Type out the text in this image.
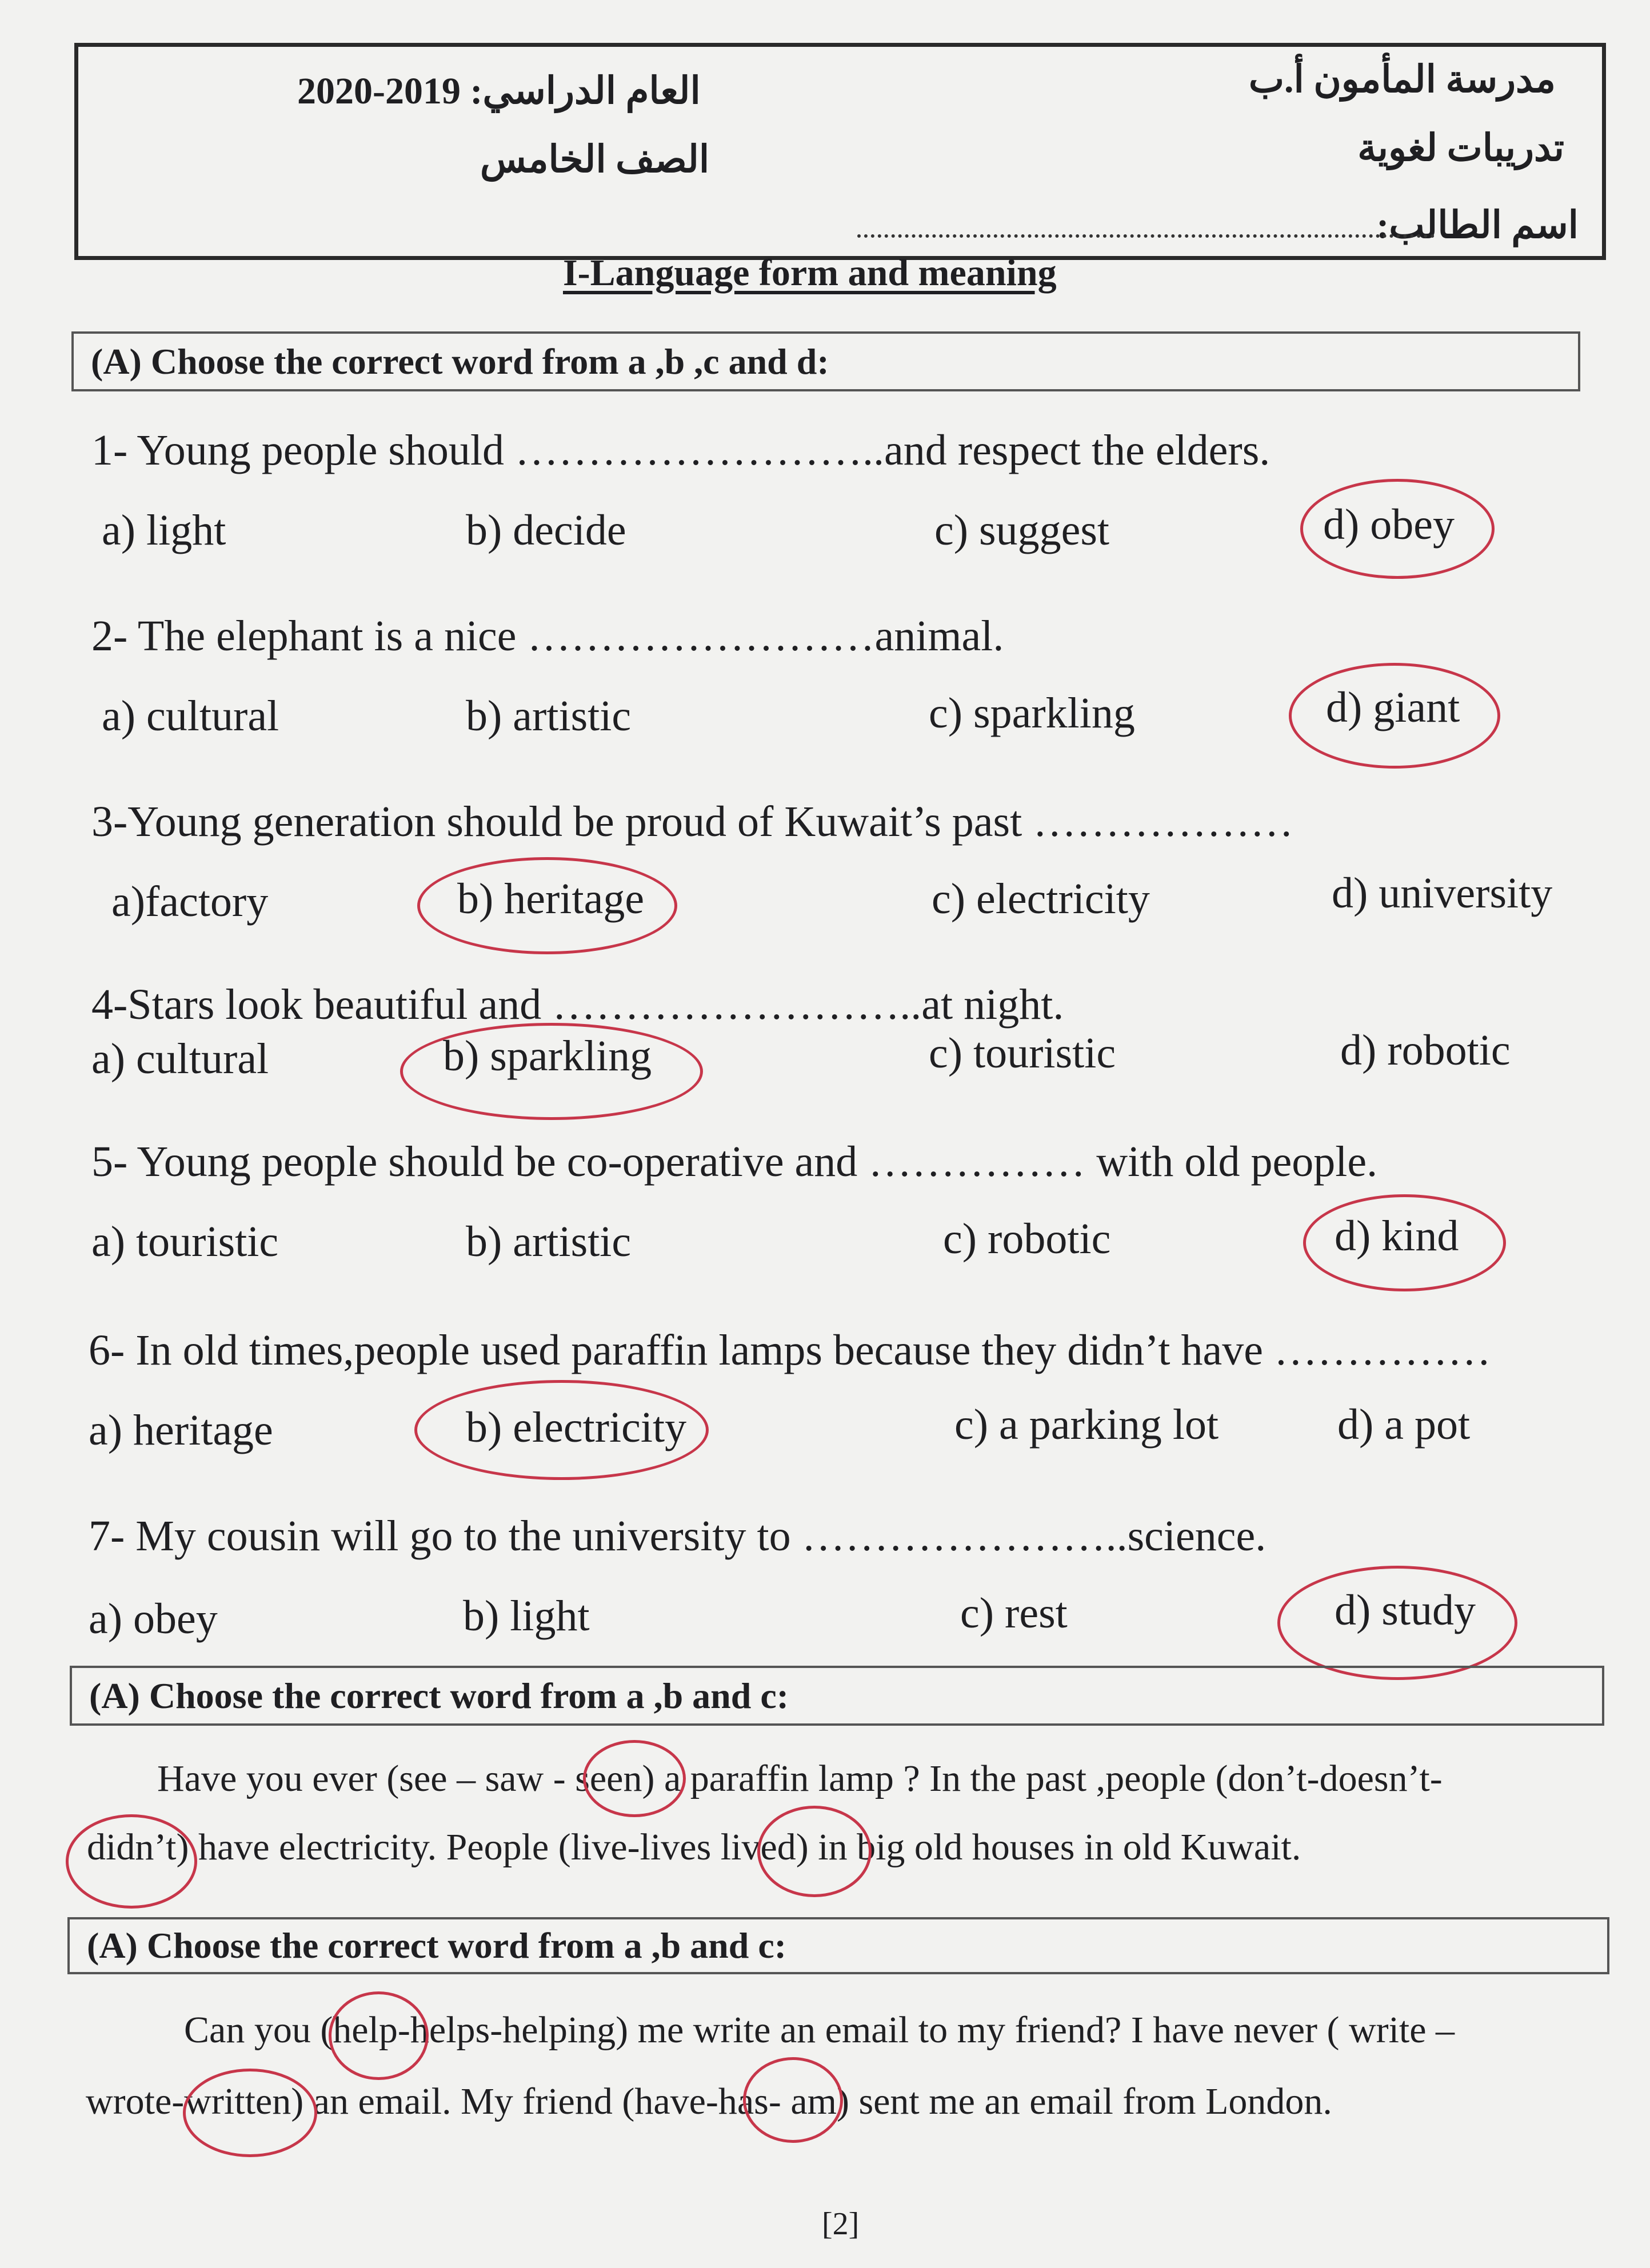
مدرسة المأمون أ.ب
تدريبات لغوية
اسم الطالب:
العام الدراسي: 2019-2020
الصف الخامس
I-Language form and meaning
(A) Choose the correct word from a ,b ,c and d:
1- Young people should ……………………..and respect the elders.
a) light	b) decide	c) suggest	d) obey
2- The elephant is a nice ……………………animal.
a) cultural	b) artistic	c) sparkling	d) giant
3-Young generation should be proud of Kuwait’s past ………………
a)factory	b) heritage	c) electricity	d) university
4-Stars look beautiful and ……………………..at night.
a) cultural	b) sparkling	c) touristic	d) robotic
5- Young people should be co-operative and …………… with old people.
a) touristic	b) artistic	c) robotic	d) kind
6- In old times,people used paraffin lamps because they didn’t have ……………
a) heritage	b) electricity	c) a parking lot	d) a pot
7- My cousin will go to the university to …………………..science.
a) obey	b) light	c) rest	d) study
(A) Choose the correct word from a ,b and c:
Have you ever (see – saw - seen) a paraffin lamp ? In the past ,people (don’t-doesn’t-
didn’t) have electricity. People (live-lives lived) in big old houses in old Kuwait.
(A) Choose the correct word from a ,b and c:
Can you (help-helps-helping) me write an email to my friend? I have never ( write –
wrote-written) an email. My friend (have-has- am) sent me an email from London.
[2]
